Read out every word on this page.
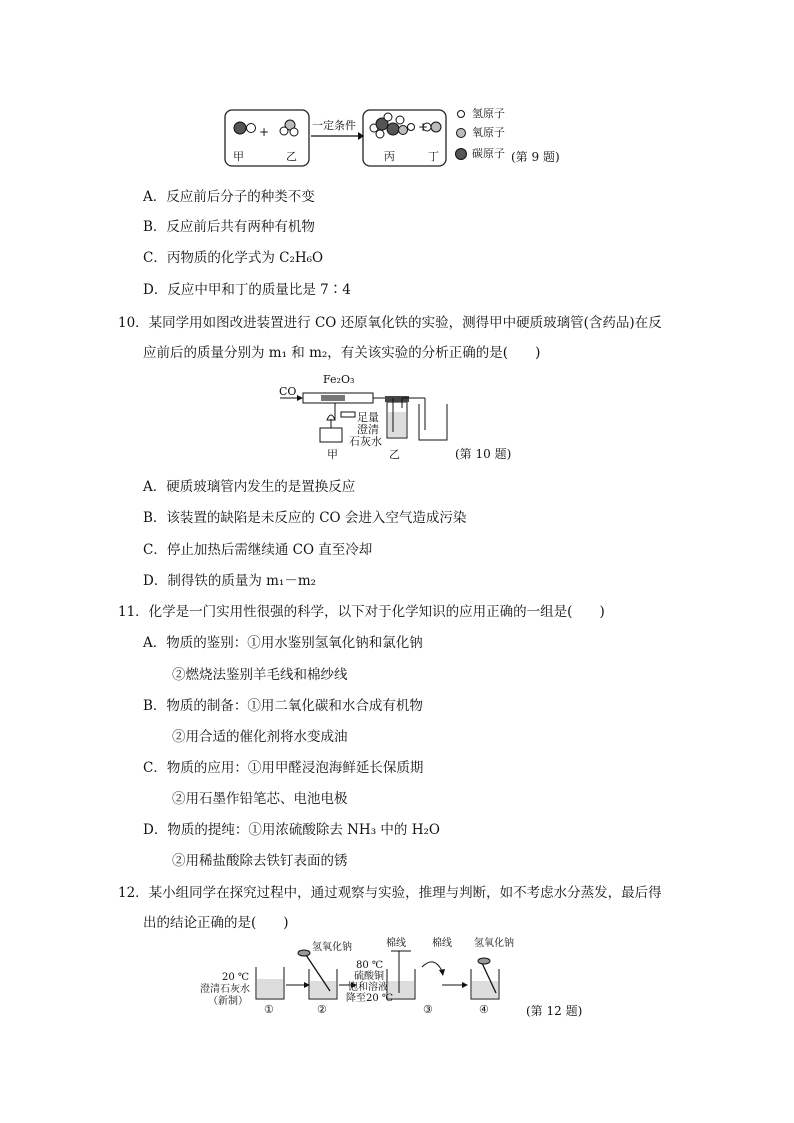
+	+
甲	乙
一定条件
丙	丁
氢原子
氧原子
碳原子 (第 9 题)
A．反应前后分子的种类不变
B．反应前后共有两种有机物
C．丙物质的化学式为 C₂H₆O
D．反应中甲和丁的质量比是 7∶4
10．某同学用如图改进装置进行 CO 还原氧化铁的实验，测得甲中硬质玻璃管(含药品)在反
应前后的质量分别为 m₁ 和 m₂，有关该实验的分析正确的是(　　)
CO
Fe₂O₃
足量
澄清
石灰水
甲	乙	(第 10 题)
A．硬质玻璃管内发生的是置换反应
B．该装置的缺陷是未反应的 CO 会进入空气造成污染
C．停止加热后需继续通 CO 直至冷却
D．制得铁的质量为 m₁－m₂
11．化学是一门实用性很强的科学，以下对于化学知识的应用正确的一组是(　　)
A．物质的鉴别：①用水鉴别氢氧化钠和氯化钠
②燃烧法鉴别羊毛线和棉纱线
B．物质的制备：①用二氧化碳和水合成有机物
②用合适的催化剂将水变成油
C．物质的应用：①用甲醛浸泡海鲜延长保质期
②用石墨作铅笔芯、电池电极
D．物质的提纯：①用浓硫酸除去 NH₃ 中的 H₂O
②用稀盐酸除去铁钉表面的锈
12．某小组同学在探究过程中，通过观察与实验，推理与判断，如不考虑水分蒸发，最后得
出的结论正确的是(　　)
20 ℃
澄清石灰水
（新制）
氢氧化钠
80 ℃
硫酸铜
饱和溶液
降至20 ℃
棉线	棉线 氢氧化钠
①	②	③	④	(第 12 题)
